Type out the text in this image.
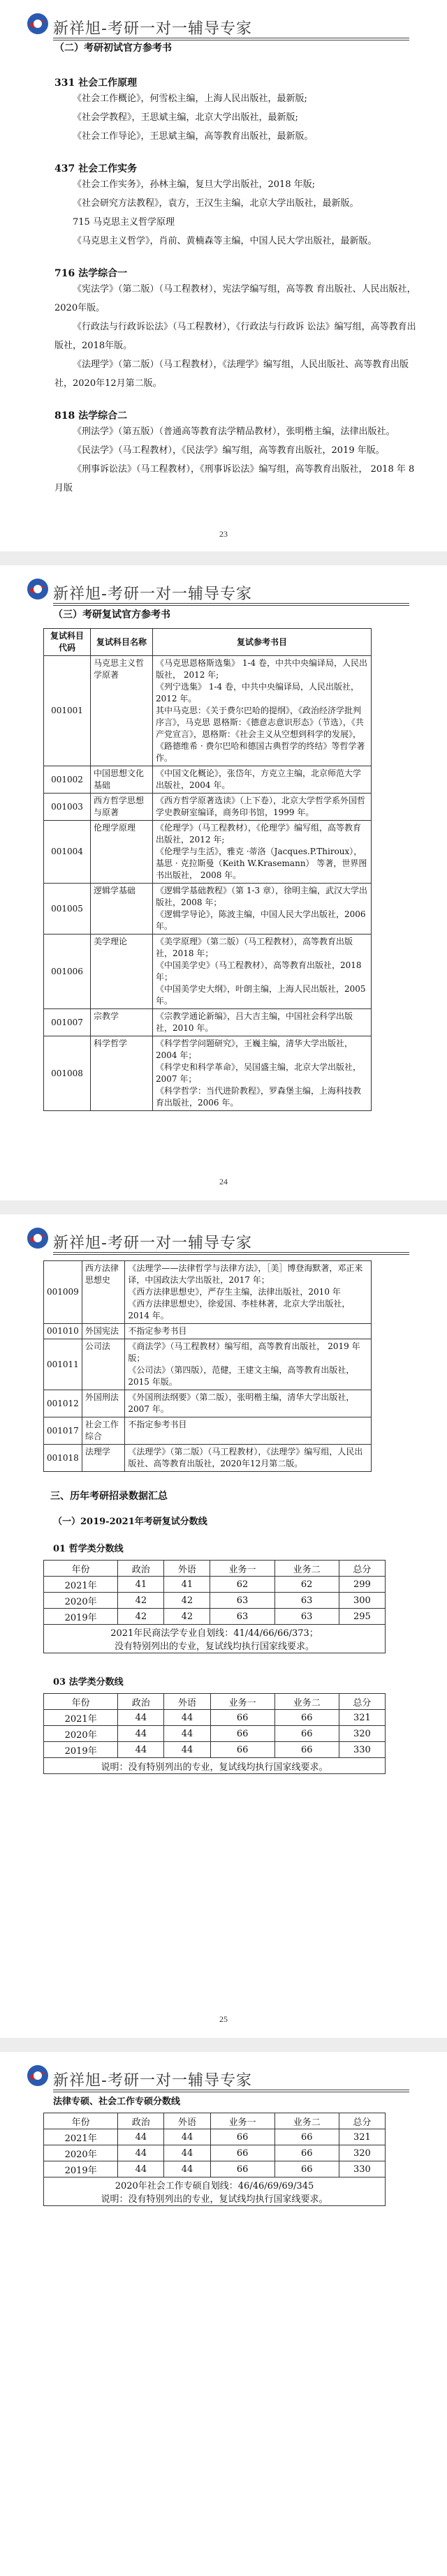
新祥旭-考研一对一辅导专家

（二）考研初试官方参考书

331 社会工作原理

《社会工作概论》，何雪松主编，上海人民出版社，最新版;

《社会学教程》，王思斌主编，北京大学出版社，最新版;

《社会工作导论》，王思斌主编，高等教育出版社，最新版。

437 社会工作实务

《社会工作实务》，孙林主编，复旦大学出版社，2018 年版;

《社会研究方法教程》，袁方，王汉生主编，北京大学出版社，最新版。

715 马克思主义哲学原理

《马克思主义哲学》，肖前、黄楠森等主编，中国人民大学出版社，最新版。

716 法学综合一

《宪法学》（第二版）（马工程教材），宪法学编写组，高等教 育出版社、人民出版社，2020年版。

《行政法与行政诉讼法》（马工程教材），《行政法与行政诉 讼法》编写组，高等教育出版社，2018年版。

《法理学》（第二版）（马工程教材），《法理学》编写组，人民出版社、高等教育出版社，2020年12月第二版。

818 法学综合二

《刑法学》（第五版）（普通高等教育法学精品教材），张明楷主编，法律出版社。

《民法学》（马工程教材），《民法学》编写组，高等教育出版社，2019 年版。

《刑事诉讼法》（马工程教材），《刑事诉讼法》编写组，高等教育出版社， 2018 年 8 月版

23
新祥旭-考研一对一辅导专家

（三）考研复试官方参考书

复试科目代码	复试科目名称	复试参考书目
001001	马克思主义哲学原著	《马克思恩格斯选集》 1-4 卷，中共中央编译局，人民出版社， 2012 年;
《列宁选集》 1-4 卷，中共中央编译局，人民出版社，2012 年。
其中马克思：《关于费尔巴哈的提纲》，《政治经济学批判序言》，马克思 恩格斯：《德意志意识形态》（节选），《共产党宣言》，恩格斯：《社会主义从空想到科学的发展》，《路德维希 · 费尔巴哈和德国古典哲学的终结》等哲学著作。
001002	中国思想文化基础	《中国文化概论》，张岱年，方克立主编，北京师范大学出版社，2004 年。
001003	西方哲学思想与原著	《西方哲学原著选读》（上下卷），北京大学哲学系外国哲学史教研室编译，商务印书馆，1999 年。
001004	伦理学原理	《伦理学》（马工程教材），《伦理学》编写组，高等教育出版社，2012 年;
《伦理学与生活》，雅克 ·蒂洛（Jacques.P.Thiroux），基思 · 克拉斯曼（Keith W.Krasemann） 等著，世界图书出版社， 2008 年。
001005	逻辑学基础	《逻辑学基础教程》（第 1-3 章），徐明主编，武汉大学出版社，2008 年；
《逻辑学导论》，陈波主编，中国人民大学出版社，2006 年。
001006	美学理论	《美学原理》（第二版）（马工程教材），高等教育出版社，2018 年；
《中国美学史》（马工程教材），高等教育出版社，2018 年；
《中国美学史大纲》，叶朗主编，上海人民出版社，2005 年。
001007	宗教学	《宗教学通论新编》，吕大吉主编，中国社会科学出版社，2010 年。
001008	科学哲学	《科学哲学问题研究》，王巍主编，清华大学出版社，2004 年；
《科学史和科学革命》，吴国盛主编，北京大学出版社，2007 年；
《科学哲学：当代进阶教程》，罗森堡主编，上海科技教育出版社，2006 年。
24
新祥旭-考研一对一辅导专家
001009	西方法律思想史	《法理学——法律哲学与法律方法》，［美］博登海默著，邓正来译，中国政法大学出版社，2017 年；
《西方法律思想史》，严存生主编，法律出版社，2010 年
《西方法律思想史》，徐爱国、李桂林著，北京大学出版社，2014 年。
001010	外国宪法	不指定参考书目
001011	公司法	《商法学》（马工程教材）编写组，高等教育出版社， 2019 年版；
《公司法》（第四版），范健，王建文主编，高等教育出版社，2015 年版。
001012	外国刑法	《外国刑法纲要》（第二版），张明楷主编，清华大学出版社，2007 年。
001017	社会工作综合	不指定参考书目
001018	法理学	《法理学》（第二版）（马工程教材），《法理学》编写组，人民出版社、高等教育出版社，2020年12月第二版。

三、历年考研招录数据汇总

（一）2019-2021年考研复试分数线

01 哲学类分数线

年份	政治	外语	业务一	业务二	总分
2021年	41	41	62	62	299
2020年	42	42	63	63	300
2019年	42	42	63	63	295

2021年民商法学专业自划线：41/44/66/66/373；
没有特别列出的专业，复试线均执行国家线要求。					

03 法学类分数线

年份	政治	外语	业务一	业务二	总分
2021年	44	44	66	66	321
2020年	44	44	66	66	320
2019年	44	44	66	66	330

说明：没有特别列出的专业，复试线均执行国家线要求。					
25
新祥旭-考研一对一辅导专家

法律专硕、社会工作专硕分数线

年份	政治	外语	业务一	业务二	总分
2021年	44	44	66	66	321
2020年	44	44	66	66	320
2019年	44	44	66	66	330

2020年社会工作专硕自划线：46/46/69/69/345
说明：没有特别列出的专业，复试线均执行国家线要求。					
